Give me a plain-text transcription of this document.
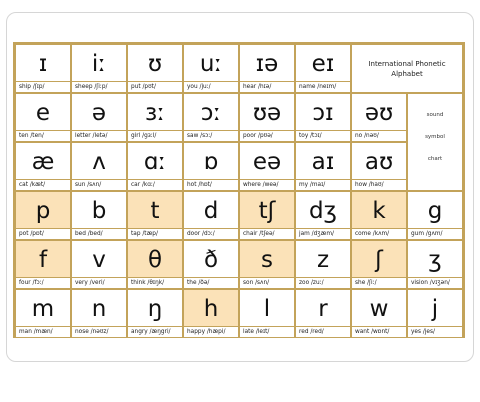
ɪ
ship /ʃɪp/
iː
sheep /ʃiːp/
ʊ
put /pʊt/
uː
you /juː/
ɪə
hear /hɪə/
eɪ
name /neɪm/
e
ten /ten/
ə
letter /letə/
ɜː
girl /gɜːl/
ɔː
saw /sɔː/
ʊə
poor /pʊə/
ɔɪ
toy /tɔɪ/
əʊ
no /nəʊ/
æ
cat /kæt/
ʌ
sun /sʌn/
ɑː
car /kɑː/
ɒ
hot /hɒt/
eə
where /weə/
aɪ
my /maɪ/
aʊ
how /haʊ/
p
pot /pɒt/
b
bed /bed/
t
tap /tæp/
d
door /dɔː/
tʃ
chair /tʃeə/
dʒ
jam /dʒæm/
k
come /kʌm/
g
gum /gʌm/
f
four /fɔː/
v
very /veri/
θ
think /θɪŋk/
ð
the /ðə/
s
son /sʌn/
z
zoo /zuː/
ʃ
she /ʃiː/
ʒ
vision /vɪʒən/
m
man /mæn/
n
nose /nəʊz/
ŋ
angry /æŋgri/
h
happy /hæpi/
l
late /leɪt/
r
red /red/
w
want /wɒnt/
j
yes /jes/
International Phonetic Alphabet
sound
symbol
chart
